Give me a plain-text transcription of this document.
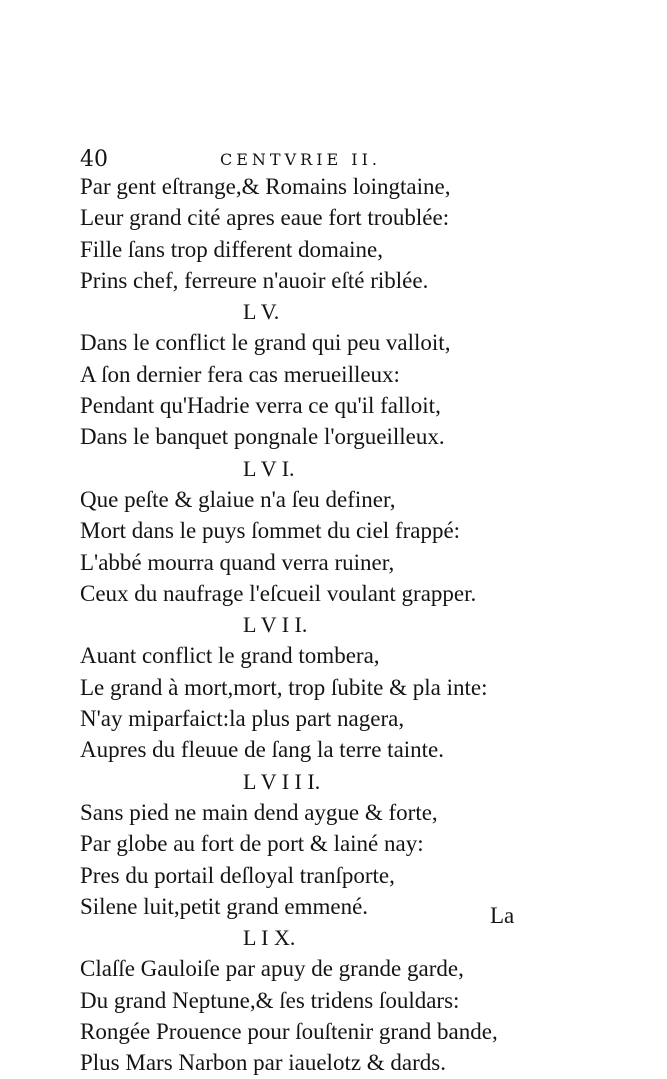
40	CENTVRIE II.
Par gent eſtrange,& Romains loingtaine,
Leur grand cité apres eaue fort troublée:
Fille ſans trop different domaine,
Prins chef, ferreure n'auoir eſté riblée.
L V.
Dans le conflict le grand qui peu valloit,
A ſon dernier fera cas merueilleux:
Pendant qu'Hadrie verra ce qu'il falloit,
Dans le banquet pongnale l'orgueilleux.
L V I.
Que peſte & glaiue n'a ſeu definer,
Mort dans le puys ſommet du ciel frappé:
L'abbé mourra quand verra ruiner,
Ceux du naufrage l'eſcueil voulant grapper.
L V I I.
Auant conflict le grand tombera,
Le grand à mort,mort, trop ſubite & pla inte:
N'ay miparfaict:la plus part nagera,
Aupres du fleuue de ſang la terre tainte.
L V I I I.
Sans pied ne main dend aygue & forte,
Par globe au fort de port & lainé nay:
Pres du portail deſloyal tranſporte,
Silene luit,petit grand emmené.
L I X.
Claſſe Gauloiſe par apuy de grande garde,
Du grand Neptune,& ſes tridens ſouldars:
Rongée Prouence pour ſouſtenir grand bande,
Plus Mars Narbon par iauelotz & dards.
La
